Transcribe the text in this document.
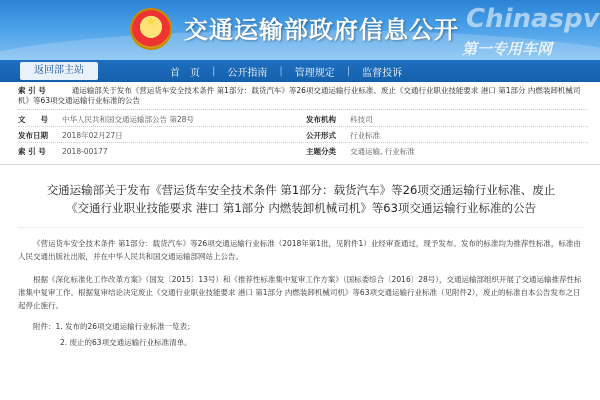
★	交通运输部政府信息公开 Chinaspv
第一专用车网
返回部主站	首　页	|	公开指南	|	管理规定	|	监督投诉
索 引 号	通运输部关于发布《营运货车安全技术条件 第1部分：载货汽车》等26项交通运输行业标准、废止《交通行业职业技能要求 港口 第1部分 内燃装卸机械司机》等63项交通运输行业标准的公告
文　　号 中华人民共和国交通运输部公告 第28号	发布机构 科技司
发布日期 2018年02月27日	公开形式 行业标准
索 引 号 2018-00177	主题分类 交通运输, 行业标准
交通运输部关于发布《营运货车安全技术条件 第1部分：载货汽车》等26项交通运输行业标准、废止
《交通行业职业技能要求 港口 第1部分 内燃装卸机械司机》等63项交通运输行业标准的公告
《营运货车安全技术条件 第1部分：载货汽车》等26项交通运输行业标准（2018年第1批，见附件1）业经审查通过，现予发布。发布的标准均为推荐性标准，标准由人民交通出版社出版，并在中华人民共和国交通运输部网站上公告。
根据《深化标准化工作改革方案》（国发〔2015〕13号）和《推荐性标准集中复审工作方案》（国标委综合〔2016〕28号），交通运输部组织开展了交通运输推荐性标准集中复审工作。根据复审结论决定废止《交通行业职业技能要求 港口 第1部分 内燃装卸机械司机》等63项交通运输行业标准（见附件2），废止的标准自本公告发布之日起停止施行。
附件：1. 发布的26项交通运输行业标准一览表；
2. 废止的63项交通运输行业标准清单。
